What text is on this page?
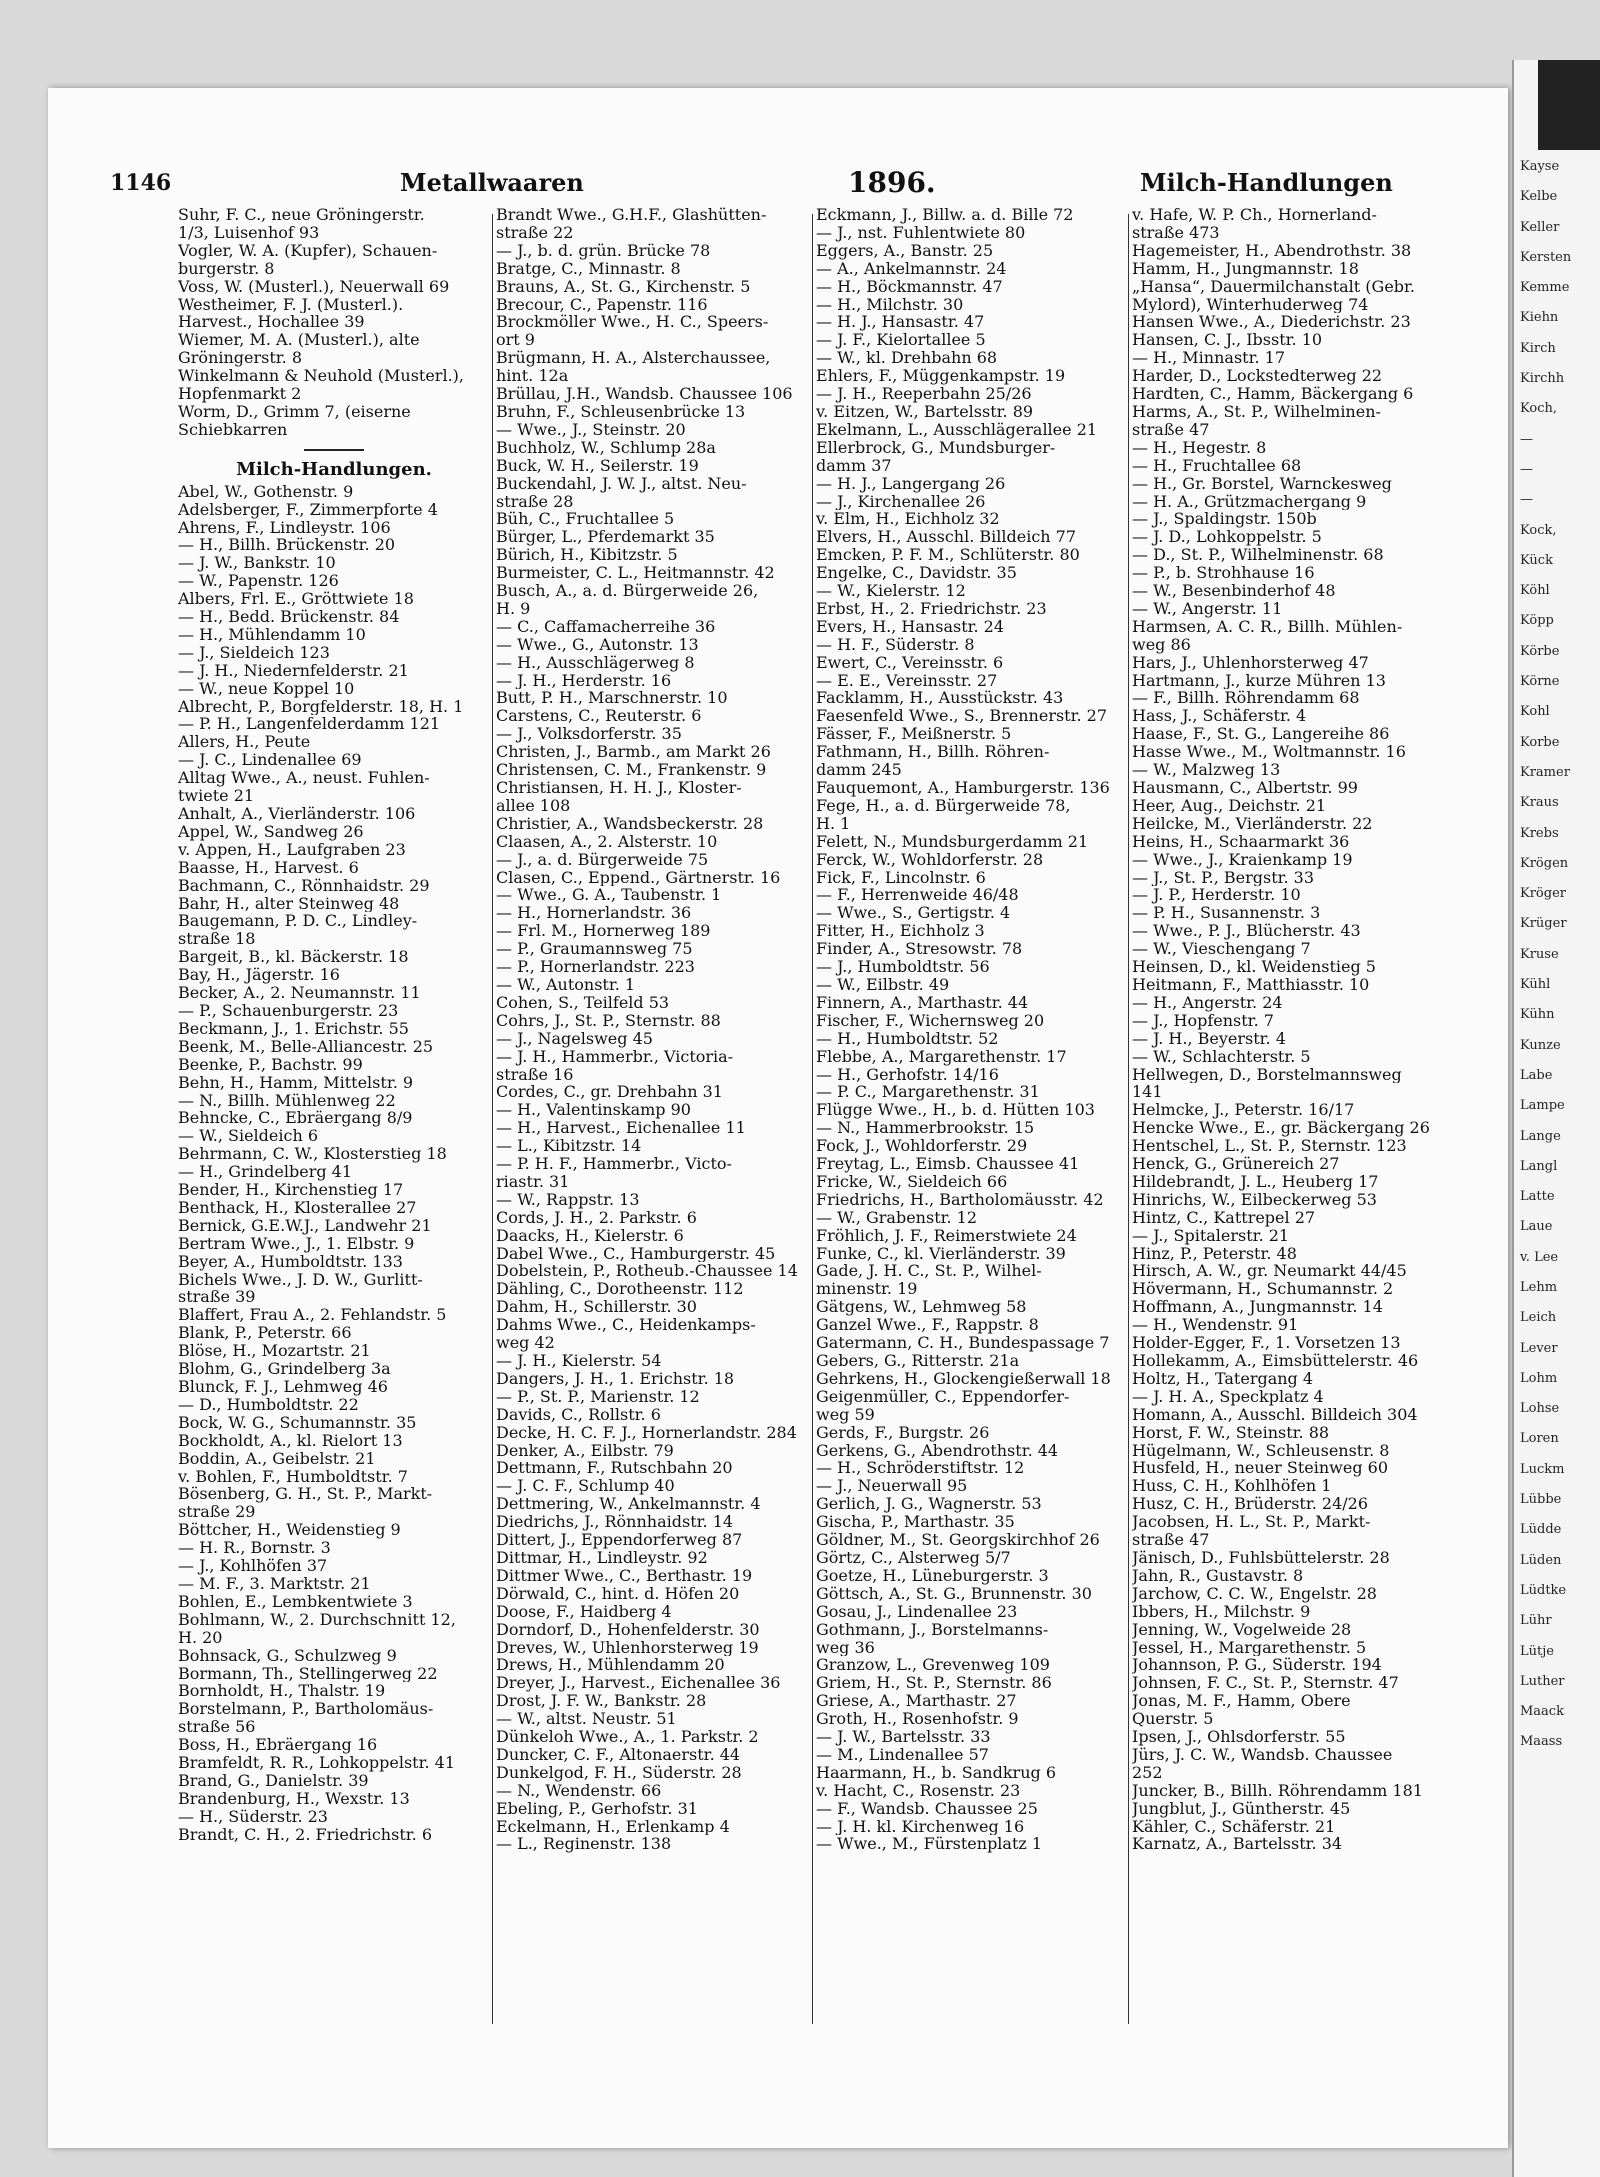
1146	Metallwaaren	1896.	Milch-Handlungen
Suhr, F. C., neue Gröningerstr.
1/3, Luisenhof 93
Vogler, W. A. (Kupfer), Schauen-
burgerstr. 8
Voss, W. (Musterl.), Neuerwall 69
Westheimer, F. J. (Musterl.).
Harvest., Hochallee 39
Wiemer, M. A. (Musterl.), alte
Gröningerstr. 8
Winkelmann & Neuhold (Musterl.),
Hopfenmarkt 2
Worm, D., Grimm 7, (eiserne
Schiebkarren
Milch-Handlungen.
Abel, W., Gothenstr. 9
Adelsberger, F., Zimmerpforte 4
Ahrens, F., Lindleystr. 106
— H., Billh. Brückenstr. 20
— J. W., Bankstr. 10
— W., Papenstr. 126
Albers, Frl. E., Gröttwiete 18
— H., Bedd. Brückenstr. 84
— H., Mühlendamm 10
— J., Sieldeich 123
— J. H., Niedernfelderstr. 21
— W., neue Koppel 10
Albrecht, P., Borgfelderstr. 18, H. 1
— P. H., Langenfelderdamm 121
Allers, H., Peute
— J. C., Lindenallee 69
Alltag Wwe., A., neust. Fuhlen-
twiete 21
Anhalt, A., Vierländerstr. 106
Appel, W., Sandweg 26
v. Appen, H., Laufgraben 23
Baasse, H., Harvest. 6
Bachmann, C., Rönnhaidstr. 29
Bahr, H., alter Steinweg 48
Baugemann, P. D. C., Lindley-
straße 18
Bargeit, B., kl. Bäckerstr. 18
Bay, H., Jägerstr. 16
Becker, A., 2. Neumannstr. 11
— P., Schauenburgerstr. 23
Beckmann, J., 1. Erichstr. 55
Beenk, M., Belle-Alliancestr. 25
Beenke, P., Bachstr. 99
Behn, H., Hamm, Mittelstr. 9
— N., Billh. Mühlenweg 22
Behncke, C., Ebräergang 8/9
— W., Sieldeich 6
Behrmann, C. W., Klosterstieg 18
— H., Grindelberg 41
Bender, H., Kirchenstieg 17
Benthack, H., Klosterallee 27
Bernick, G.E.W.J., Landwehr 21
Bertram Wwe., J., 1. Elbstr. 9
Beyer, A., Humboldtstr. 133
Bichels Wwe., J. D. W., Gurlitt-
straße 39
Blaffert, Frau A., 2. Fehlandstr. 5
Blank, P., Peterstr. 66
Blöse, H., Mozartstr. 21
Blohm, G., Grindelberg 3a
Blunck, F. J., Lehmweg 46
— D., Humboldtstr. 22
Bock, W. G., Schumannstr. 35
Bockholdt, A., kl. Rielort 13
Boddin, A., Geibelstr. 21
v. Bohlen, F., Humboldtstr. 7
Bösenberg, G. H., St. P., Markt-
straße 29
Böttcher, H., Weidenstieg 9
— H. R., Bornstr. 3
— J., Kohlhöfen 37
— M. F., 3. Marktstr. 21
Bohlen, E., Lembkentwiete 3
Bohlmann, W., 2. Durchschnitt 12,
H. 20
Bohnsack, G., Schulzweg 9
Bormann, Th., Stellingerweg 22
Bornholdt, H., Thalstr. 19
Borstelmann, P., Bartholomäus-
straße 56
Boss, H., Ebräergang 16
Bramfeldt, R. R., Lohkoppelstr. 41
Brand, G., Danielstr. 39
Brandenburg, H., Wexstr. 13
— H., Süderstr. 23
Brandt, C. H., 2. Friedrichstr. 6
Brandt Wwe., G.H.F., Glashütten-
straße 22
— J., b. d. grün. Brücke 78
Bratge, C., Minnastr. 8
Brauns, A., St. G., Kirchenstr. 5
Brecour, C., Papenstr. 116
Brockmöller Wwe., H. C., Speers-
ort 9
Brügmann, H. A., Alsterchaussee,
hint. 12a
Brüllau, J.H., Wandsb. Chaussee 106
Bruhn, F., Schleusenbrücke 13
— Wwe., J., Steinstr. 20
Buchholz, W., Schlump 28a
Buck, W. H., Seilerstr. 19
Buckendahl, J. W. J., altst. Neu-
straße 28
Büh, C., Fruchtallee 5
Bürger, L., Pferdemarkt 35
Bürich, H., Kibitzstr. 5
Burmeister, C. L., Heitmannstr. 42
Busch, A., a. d. Bürgerweide 26,
H. 9
— C., Caffamacherreihe 36
— Wwe., G., Autonstr. 13
— H., Ausschlägerweg 8
— J. H., Herderstr. 16
Butt, P. H., Marschnerstr. 10
Carstens, C., Reuterstr. 6
— J., Volksdorferstr. 35
Christen, J., Barmb., am Markt 26
Christensen, C. M., Frankenstr. 9
Christiansen, H. H. J., Kloster-
allee 108
Christier, A., Wandsbeckerstr. 28
Claasen, A., 2. Alsterstr. 10
— J., a. d. Bürgerweide 75
Clasen, C., Eppend., Gärtnerstr. 16
— Wwe., G. A., Taubenstr. 1
— H., Hornerlandstr. 36
— Frl. M., Hornerweg 189
— P., Graumannsweg 75
— P., Hornerlandstr. 223
— W., Autonstr. 1
Cohen, S., Teilfeld 53
Cohrs, J., St. P., Sternstr. 88
— J., Nagelsweg 45
— J. H., Hammerbr., Victoria-
straße 16
Cordes, C., gr. Drehbahn 31
— H., Valentinskamp 90
— H., Harvest., Eichenallee 11
— L., Kibitzstr. 14
— P. H. F., Hammerbr., Victo-
riastr. 31
— W., Rappstr. 13
Cords, J. H., 2. Parkstr. 6
Daacks, H., Kielerstr. 6
Dabel Wwe., C., Hamburgerstr. 45
Dobelstein, P., Rotheub.-Chaussee 14
Dähling, C., Dorotheenstr. 112
Dahm, H., Schillerstr. 30
Dahms Wwe., C., Heidenkamps-
weg 42
— J. H., Kielerstr. 54
Dangers, J. H., 1. Erichstr. 18
— P., St. P., Marienstr. 12
Davids, C., Rollstr. 6
Decke, H. C. F. J., Hornerlandstr. 284
Denker, A., Eilbstr. 79
Dettmann, F., Rutschbahn 20
— J. C. F., Schlump 40
Dettmering, W., Ankelmannstr. 4
Diedrichs, J., Rönnhaidstr. 14
Dittert, J., Eppendorferweg 87
Dittmar, H., Lindleystr. 92
Dittmer Wwe., C., Berthastr. 19
Dörwald, C., hint. d. Höfen 20
Doose, F., Haidberg 4
Dorndorf, D., Hohenfelderstr. 30
Dreves, W., Uhlenhorsterweg 19
Drews, H., Mühlendamm 20
Dreyer, J., Harvest., Eichenallee 36
Drost, J. F. W., Bankstr. 28
— W., altst. Neustr. 51
Dünkeloh Wwe., A., 1. Parkstr. 2
Duncker, C. F., Altonaerstr. 44
Dunkelgod, F. H., Süderstr. 28
— N., Wendenstr. 66
Ebeling, P., Gerhofstr. 31
Eckelmann, H., Erlenkamp 4
— L., Reginenstr. 138
Eckmann, J., Billw. a. d. Bille 72
— J., nst. Fuhlentwiete 80
Eggers, A., Banstr. 25
— A., Ankelmannstr. 24
— H., Böckmannstr. 47
— H., Milchstr. 30
— H. J., Hansastr. 47
— J. F., Kielortallee 5
— W., kl. Drehbahn 68
Ehlers, F., Müggenkampstr. 19
— J. H., Reeperbahn 25/26
v. Eitzen, W., Bartelsstr. 89
Ekelmann, L., Ausschlägerallee 21
Ellerbrock, G., Mundsburger-
damm 37
— H. J., Langergang 26
— J., Kirchenallee 26
v. Elm, H., Eichholz 32
Elvers, H., Ausschl. Billdeich 77
Emcken, P. F. M., Schlüterstr. 80
Engelke, C., Davidstr. 35
— W., Kielerstr. 12
Erbst, H., 2. Friedrichstr. 23
Evers, H., Hansastr. 24
— H. F., Süderstr. 8
Ewert, C., Vereinsstr. 6
— E. E., Vereinsstr. 27
Facklamm, H., Ausstückstr. 43
Faesenfeld Wwe., S., Brennerstr. 27
Fässer, F., Meißnerstr. 5
Fathmann, H., Billh. Röhren-
damm 245
Fauquemont, A., Hamburgerstr. 136
Fege, H., a. d. Bürgerweide 78,
H. 1
Felett, N., Mundsburgerdamm 21
Ferck, W., Wohldorferstr. 28
Fick, F., Lincolnstr. 6
— F., Herrenweide 46/48
— Wwe., S., Gertigstr. 4
Fitter, H., Eichholz 3
Finder, A., Stresowstr. 78
— J., Humboldtstr. 56
— W., Eilbstr. 49
Finnern, A., Marthastr. 44
Fischer, F., Wichernsweg 20
— H., Humboldtstr. 52
Flebbe, A., Margarethenstr. 17
— H., Gerhofstr. 14/16
— P. C., Margarethenstr. 31
Flügge Wwe., H., b. d. Hütten 103
— N., Hammerbrookstr. 15
Fock, J., Wohldorferstr. 29
Freytag, L., Eimsb. Chaussee 41
Fricke, W., Sieldeich 66
Friedrichs, H., Bartholomäusstr. 42
— W., Grabenstr. 12
Fröhlich, J. F., Reimerstwiete 24
Funke, C., kl. Vierländerstr. 39
Gade, J. H. C., St. P., Wilhel-
minenstr. 19
Gätgens, W., Lehmweg 58
Ganzel Wwe., F., Rappstr. 8
Gatermann, C. H., Bundespassage 7
Gebers, G., Ritterstr. 21a
Gehrkens, H., Glockengießerwall 18
Geigenmüller, C., Eppendorfer-
weg 59
Gerds, F., Burgstr. 26
Gerkens, G., Abendrothstr. 44
— H., Schröderstiftstr. 12
— J., Neuerwall 95
Gerlich, J. G., Wagnerstr. 53
Gischa, P., Marthastr. 35
Göldner, M., St. Georgskirchhof 26
Görtz, C., Alsterweg 5/7
Goetze, H., Lüneburgerstr. 3
Göttsch, A., St. G., Brunnenstr. 30
Gosau, J., Lindenallee 23
Gothmann, J., Borstelmanns-
weg 36
Granzow, L., Grevenweg 109
Griem, H., St. P., Sternstr. 86
Griese, A., Marthastr. 27
Groth, H., Rosenhofstr. 9
— J. W., Bartelsstr. 33
— M., Lindenallee 57
Haarmann, H., b. Sandkrug 6
v. Hacht, C., Rosenstr. 23
— F., Wandsb. Chaussee 25
— J. H. kl. Kirchenweg 16
— Wwe., M., Fürstenplatz 1
v. Hafe, W. P. Ch., Hornerland-
straße 473
Hagemeister, H., Abendrothstr. 38
Hamm, H., Jungmannstr. 18
„Hansa“, Dauermilchanstalt (Gebr.
Mylord), Winterhuderweg 74
Hansen Wwe., A., Diederichstr. 23
Hansen, C. J., Ibsstr. 10
— H., Minnastr. 17
Harder, D., Lockstedterweg 22
Hardten, C., Hamm, Bäckergang 6
Harms, A., St. P., Wilhelminen-
straße 47
— H., Hegestr. 8
— H., Fruchtallee 68
— H., Gr. Borstel, Warnckesweg
— H. A., Grützmachergang 9
— J., Spaldingstr. 150b
— J. D., Lohkoppelstr. 5
— D., St. P., Wilhelminenstr. 68
— P., b. Strohhause 16
— W., Besenbinderhof 48
— W., Angerstr. 11
Harmsen, A. C. R., Billh. Mühlen-
weg 86
Hars, J., Uhlenhorsterweg 47
Hartmann, J., kurze Mühren 13
— F., Billh. Röhrendamm 68
Hass, J., Schäferstr. 4
Haase, F., St. G., Langereihe 86
Hasse Wwe., M., Woltmannstr. 16
— W., Malzweg 13
Hausmann, C., Albertstr. 99
Heer, Aug., Deichstr. 21
Heilcke, M., Vierländerstr. 22
Heins, H., Schaarmarkt 36
— Wwe., J., Kraienkamp 19
— J., St. P., Bergstr. 33
— J. P., Herderstr. 10
— P. H., Susannenstr. 3
— Wwe., P. J., Blücherstr. 43
— W., Vieschengang 7
Heinsen, D., kl. Weidenstieg 5
Heitmann, F., Matthiasstr. 10
— H., Angerstr. 24
— J., Hopfenstr. 7
— J. H., Beyerstr. 4
— W., Schlachterstr. 5
Hellwegen, D., Borstelmannsweg
141
Helmcke, J., Peterstr. 16/17
Hencke Wwe., E., gr. Bäckergang 26
Hentschel, L., St. P., Sternstr. 123
Henck, G., Grünereich 27
Hildebrandt, J. L., Heuberg 17
Hinrichs, W., Eilbeckerweg 53
Hintz, C., Kattrepel 27
— J., Spitalerstr. 21
Hinz, P., Peterstr. 48
Hirsch, A. W., gr. Neumarkt 44/45
Hövermann, H., Schumannstr. 2
Hoffmann, A., Jungmannstr. 14
— H., Wendenstr. 91
Holder-Egger, F., 1. Vorsetzen 13
Hollekamm, A., Eimsbüttelerstr. 46
Holtz, H., Tatergang 4
— J. H. A., Speckplatz 4
Homann, A., Ausschl. Billdeich 304
Horst, F. W., Steinstr. 88
Hügelmann, W., Schleusenstr. 8
Husfeld, H., neuer Steinweg 60
Huss, C. H., Kohlhöfen 1
Husz, C. H., Brüderstr. 24/26
Jacobsen, H. L., St. P., Markt-
straße 47
Jänisch, D., Fuhlsbüttelerstr. 28
Jahn, R., Gustavstr. 8
Jarchow, C. C. W., Engelstr. 28
Ibbers, H., Milchstr. 9
Jenning, W., Vogelweide 28
Jessel, H., Margarethenstr. 5
Johannson, P. G., Süderstr. 194
Johnsen, F. C., St. P., Sternstr. 47
Jonas, M. F., Hamm, Obere
Querstr. 5
Ipsen, J., Ohlsdorferstr. 55
Jürs, J. C. W., Wandsb. Chaussee
252
Juncker, B., Billh. Röhrendamm 181
Jungblut, J., Güntherstr. 45
Kähler, C., Schäferstr. 21
Karnatz, A., Bartelsstr. 34
Kayse
Kelbe
Keller
Kersten
Kemme
Kiehn
Kirch
Kirchh
Koch,
—
—
—
Kock,
Kück
Köhl
Köpp
Körbe
Körne
Kohl
Korbe
Kramer
Kraus
Krebs
Krögen
Kröger
Krüger
Kruse
Kühl
Kühn
Kunze
Labe
Lampe
Lange
Langl
Latte
Laue
v. Lee
Lehm
Leich
Lever
Lohm
Lohse
Loren
Luckm
Lübbe
Lüdde
Lüden
Lüdtke
Lühr
Lütje
Luther
Maack
Maass
